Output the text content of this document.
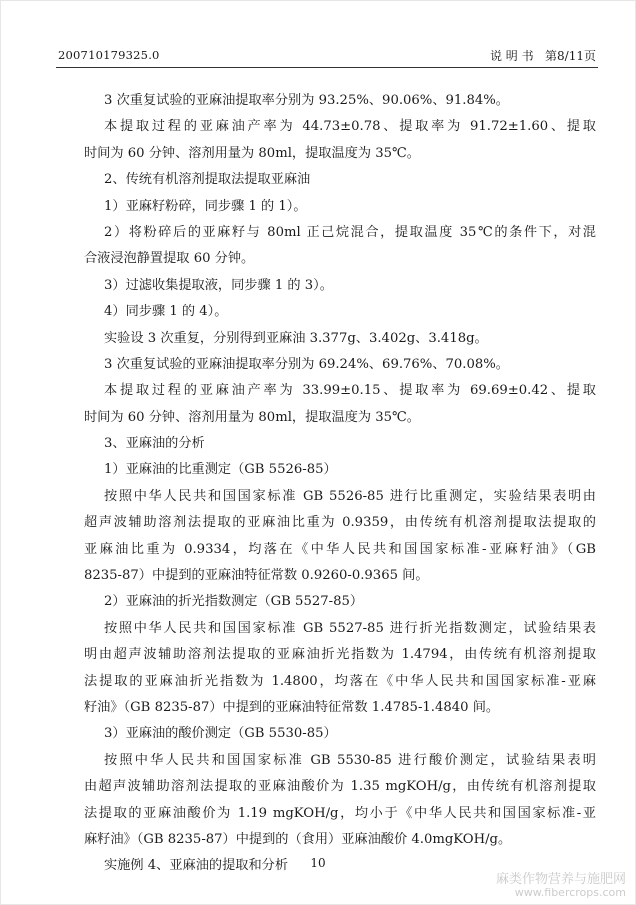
200710179325.0	说 明 书 第8/11页
3 次重复试验的亚麻油提取率分别为 93.25%、90.06%、91.84%。
本提取过程的亚麻油产率为 44.73±0.78、提取率为 91.72±1.60、提取
时间为 60 分钟、溶剂用量为 80ml，提取温度为 35℃。
2、传统有机溶剂提取法提取亚麻油
1）亚麻籽粉碎，同步骤 1 的 1）。
2）将粉碎后的亚麻籽与 80ml 正己烷混合，提取温度 35℃的条件下，对混
合液浸泡静置提取 60 分钟。
3）过滤收集提取液，同步骤 1 的 3）。
4）同步骤 1 的 4）。
实验设 3 次重复，分别得到亚麻油 3.377g、3.402g、3.418g。
3 次重复试验的亚麻油提取率分别为 69.24%、69.76%、70.08%。
本提取过程的亚麻油产率为 33.99±0.15、提取率为 69.69±0.42、提取
时间为 60 分钟、溶剂用量为 80ml，提取温度为 35℃。
3、亚麻油的分析
1）亚麻油的比重测定（GB 5526-85）
按照中华人民共和国国家标准 GB 5526-85 进行比重测定，实验结果表明由
超声波辅助溶剂法提取的亚麻油比重为 0.9359，由传统有机溶剂提取法提取的
亚麻油比重为 0.9334，均落在《中华人民共和国国家标准-亚麻籽油》（GB
8235-87）中提到的亚麻油特征常数 0.9260-0.9365 间。
2）亚麻油的折光指数测定（GB 5527-85）
按照中华人民共和国国家标准 GB 5527-85 进行折光指数测定，试验结果表
明由超声波辅助溶剂法提取的亚麻油折光指数为 1.4794，由传统有机溶剂提取
法提取的亚麻油折光指数为 1.4800，均落在《中华人民共和国国家标准-亚麻
籽油》（GB 8235-87）中提到的亚麻油特征常数 1.4785-1.4840 间。
3）亚麻油的酸价测定（GB 5530-85）
按照中华人民共和国国家标准 GB 5530-85 进行酸价测定，试验结果表明
由超声波辅助溶剂法提取的亚麻油酸价为 1.35 mgKOH/g，由传统有机溶剂提取
法提取的亚麻油酸价为 1.19 mgKOH/g，均小于《中华人民共和国国家标准-亚
麻籽油》（GB 8235-87）中提到的（食用）亚麻油酸价 4.0mgKOH/g。
实施例 4、亚麻油的提取和分析	10
麻类作物营养与施肥网
www.fibercrops.com
